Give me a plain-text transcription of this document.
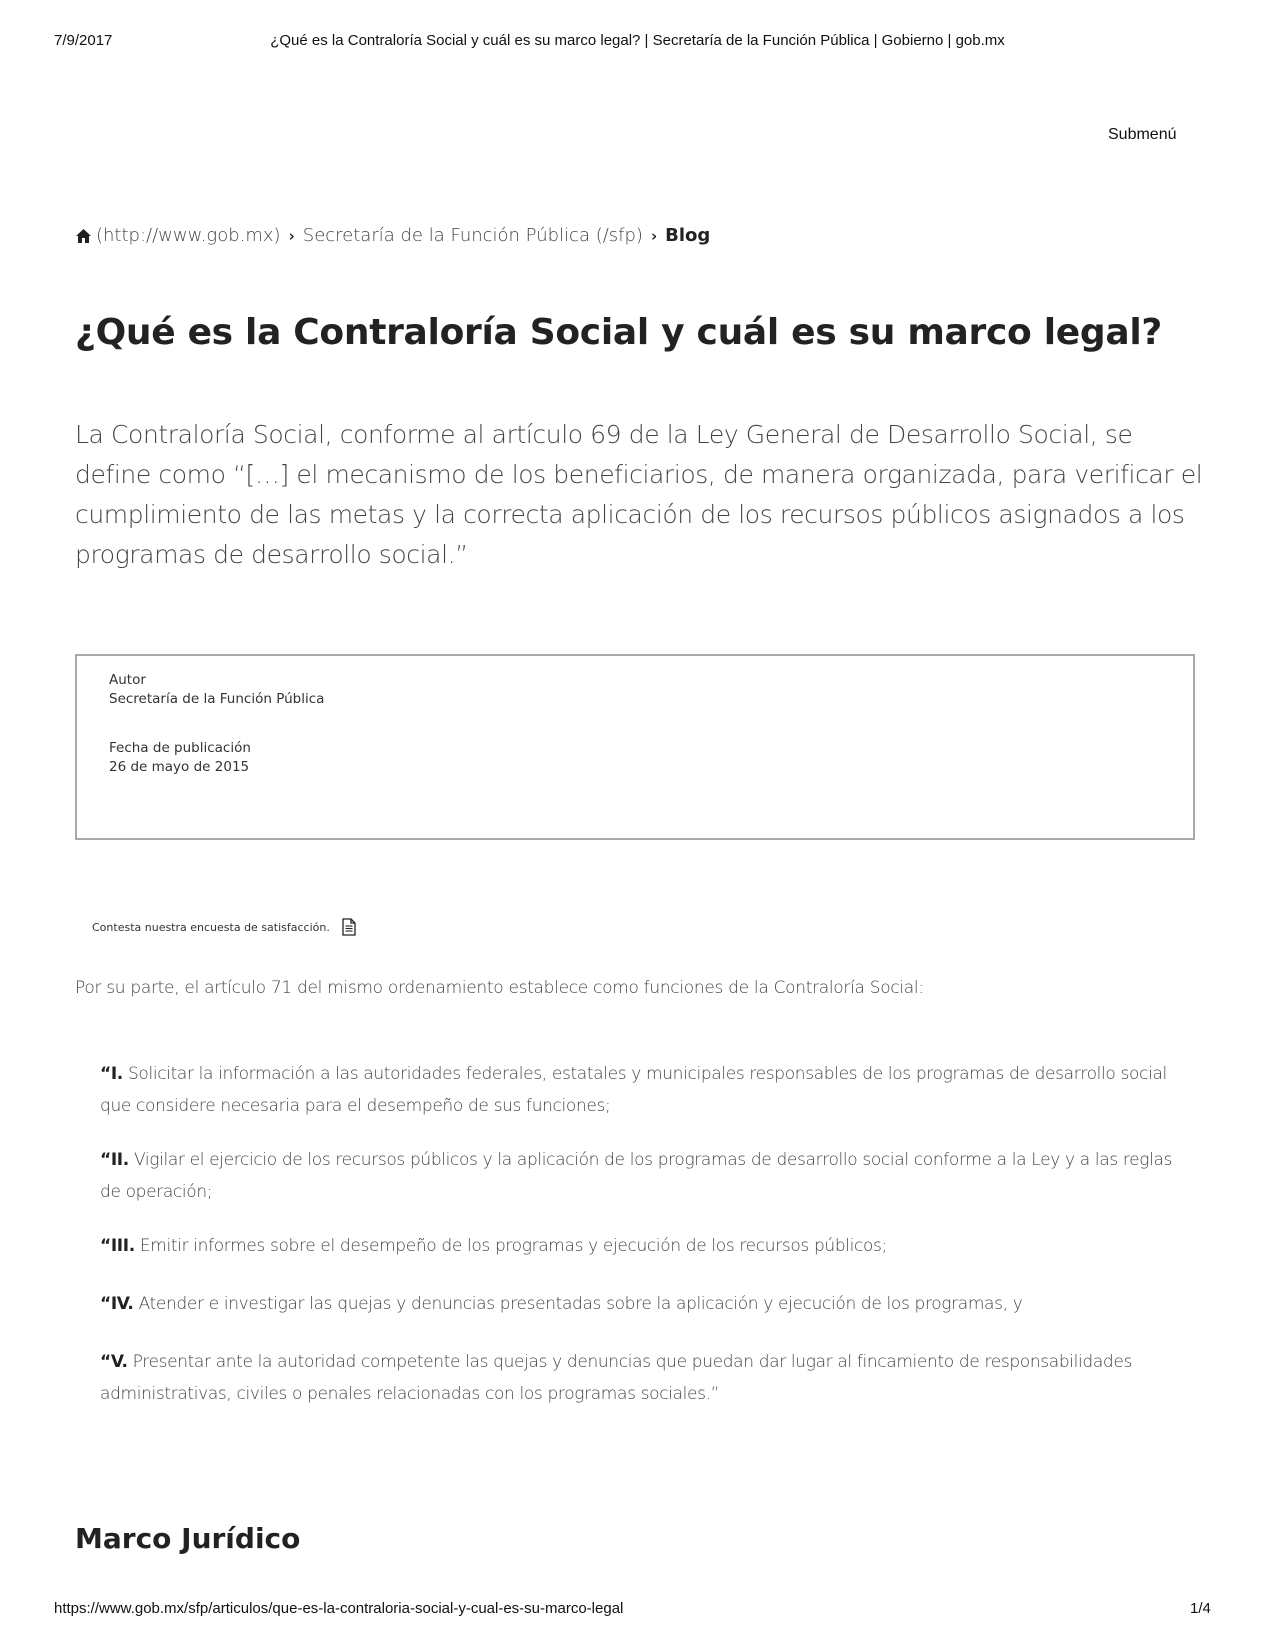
7/9/2017	¿Qué es la Contraloría Social y cuál es su marco legal? | Secretaría de la Función Pública | Gobierno | gob.mx
Submenú
(http://www.gob.mx) › Secretaría de la Función Pública (/sfp) › Blog
¿Qué es la Contraloría Social y cuál es su marco legal?

La Contraloría Social, conforme al artículo 69 de la Ley General de Desarrollo Social, se define como “[…] el mecanismo de los beneficiarios, de manera organizada, para verificar el cumplimiento de las metas y la correcta aplicación de los recursos públicos asignados a los programas de desarrollo social.”

Autor
Secretaría de la Función Pública
Fecha de publicación
26 de mayo de 2015
Contesta nuestra encuesta de satisfacción.

Por su parte, el artículo 71 del mismo ordenamiento establece como funciones de la Contraloría Social:

“I. Solicitar la información a las autoridades federales, estatales y municipales responsables de los programas de desarrollo social que considere necesaria para el desempeño de sus funciones;
“II. Vigilar el ejercicio de los recursos públicos y la aplicación de los programas de desarrollo social conforme a la Ley y a las reglas de operación;
“III. Emitir informes sobre el desempeño de los programas y ejecución de los recursos públicos;
“IV. Atender e investigar las quejas y denuncias presentadas sobre la aplicación y ejecución de los programas, y
“V. Presentar ante la autoridad competente las quejas y denuncias que puedan dar lugar al fincamiento de responsabilidades administrativas, civiles o penales relacionadas con los programas sociales.”
Marco Jurídico
https://www.gob.mx/sfp/articulos/que-es-la-contraloria-social-y-cual-es-su-marco-legal	1/4
